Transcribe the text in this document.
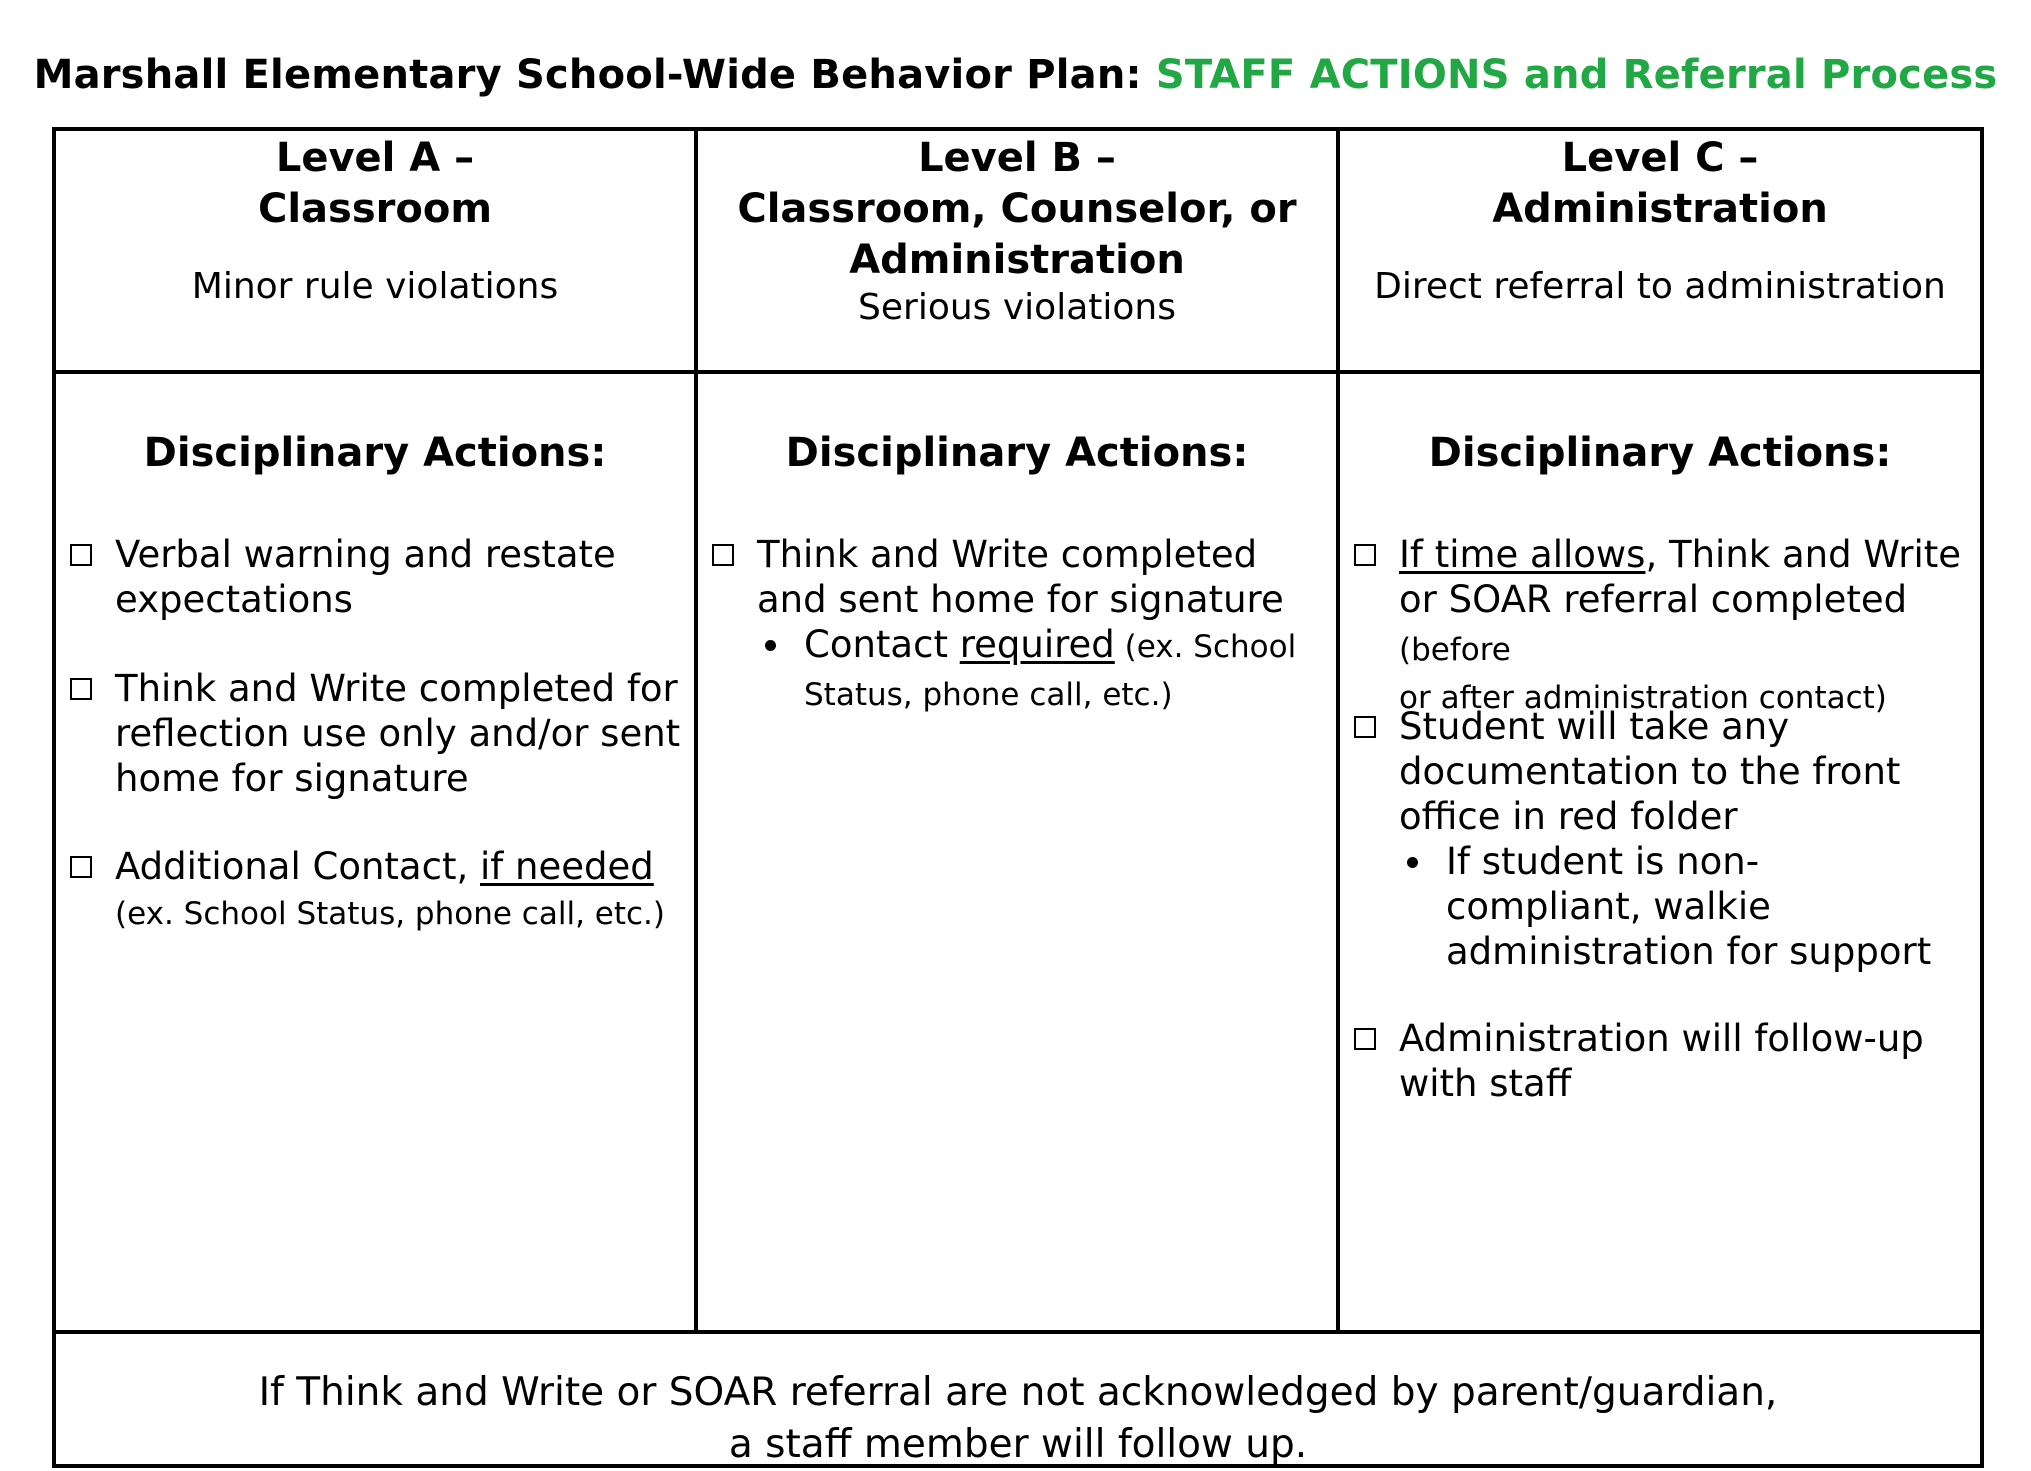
Marshall Elementary School-Wide Behavior Plan: STAFF ACTIONS and Referral Process
Level A –
Classroom
Minor rule violations
Level B –
Classroom, Counselor, or
Administration
Serious violations
Level C –
Administration
Direct referral to administration
Disciplinary Actions:
Verbal warning and restate expectations
Think and Write completed for reflection use only and/or sent home for signature
Additional Contact, if needed
(ex. School Status, phone call, etc.)
Disciplinary Actions:
Think and Write completed and sent home for signature
Contact required (ex. School
Status, phone call, etc.)
Disciplinary Actions:
If time allows, Think and Write or SOAR referral completed (before
or after administration contact)
Student will take any documentation to the front office in red folder
If student is non-compliant, walkie administration for support
Administration will follow-up with staff
If Think and Write or SOAR referral are not acknowledged by parent/guardian,
a staff member will follow up.
